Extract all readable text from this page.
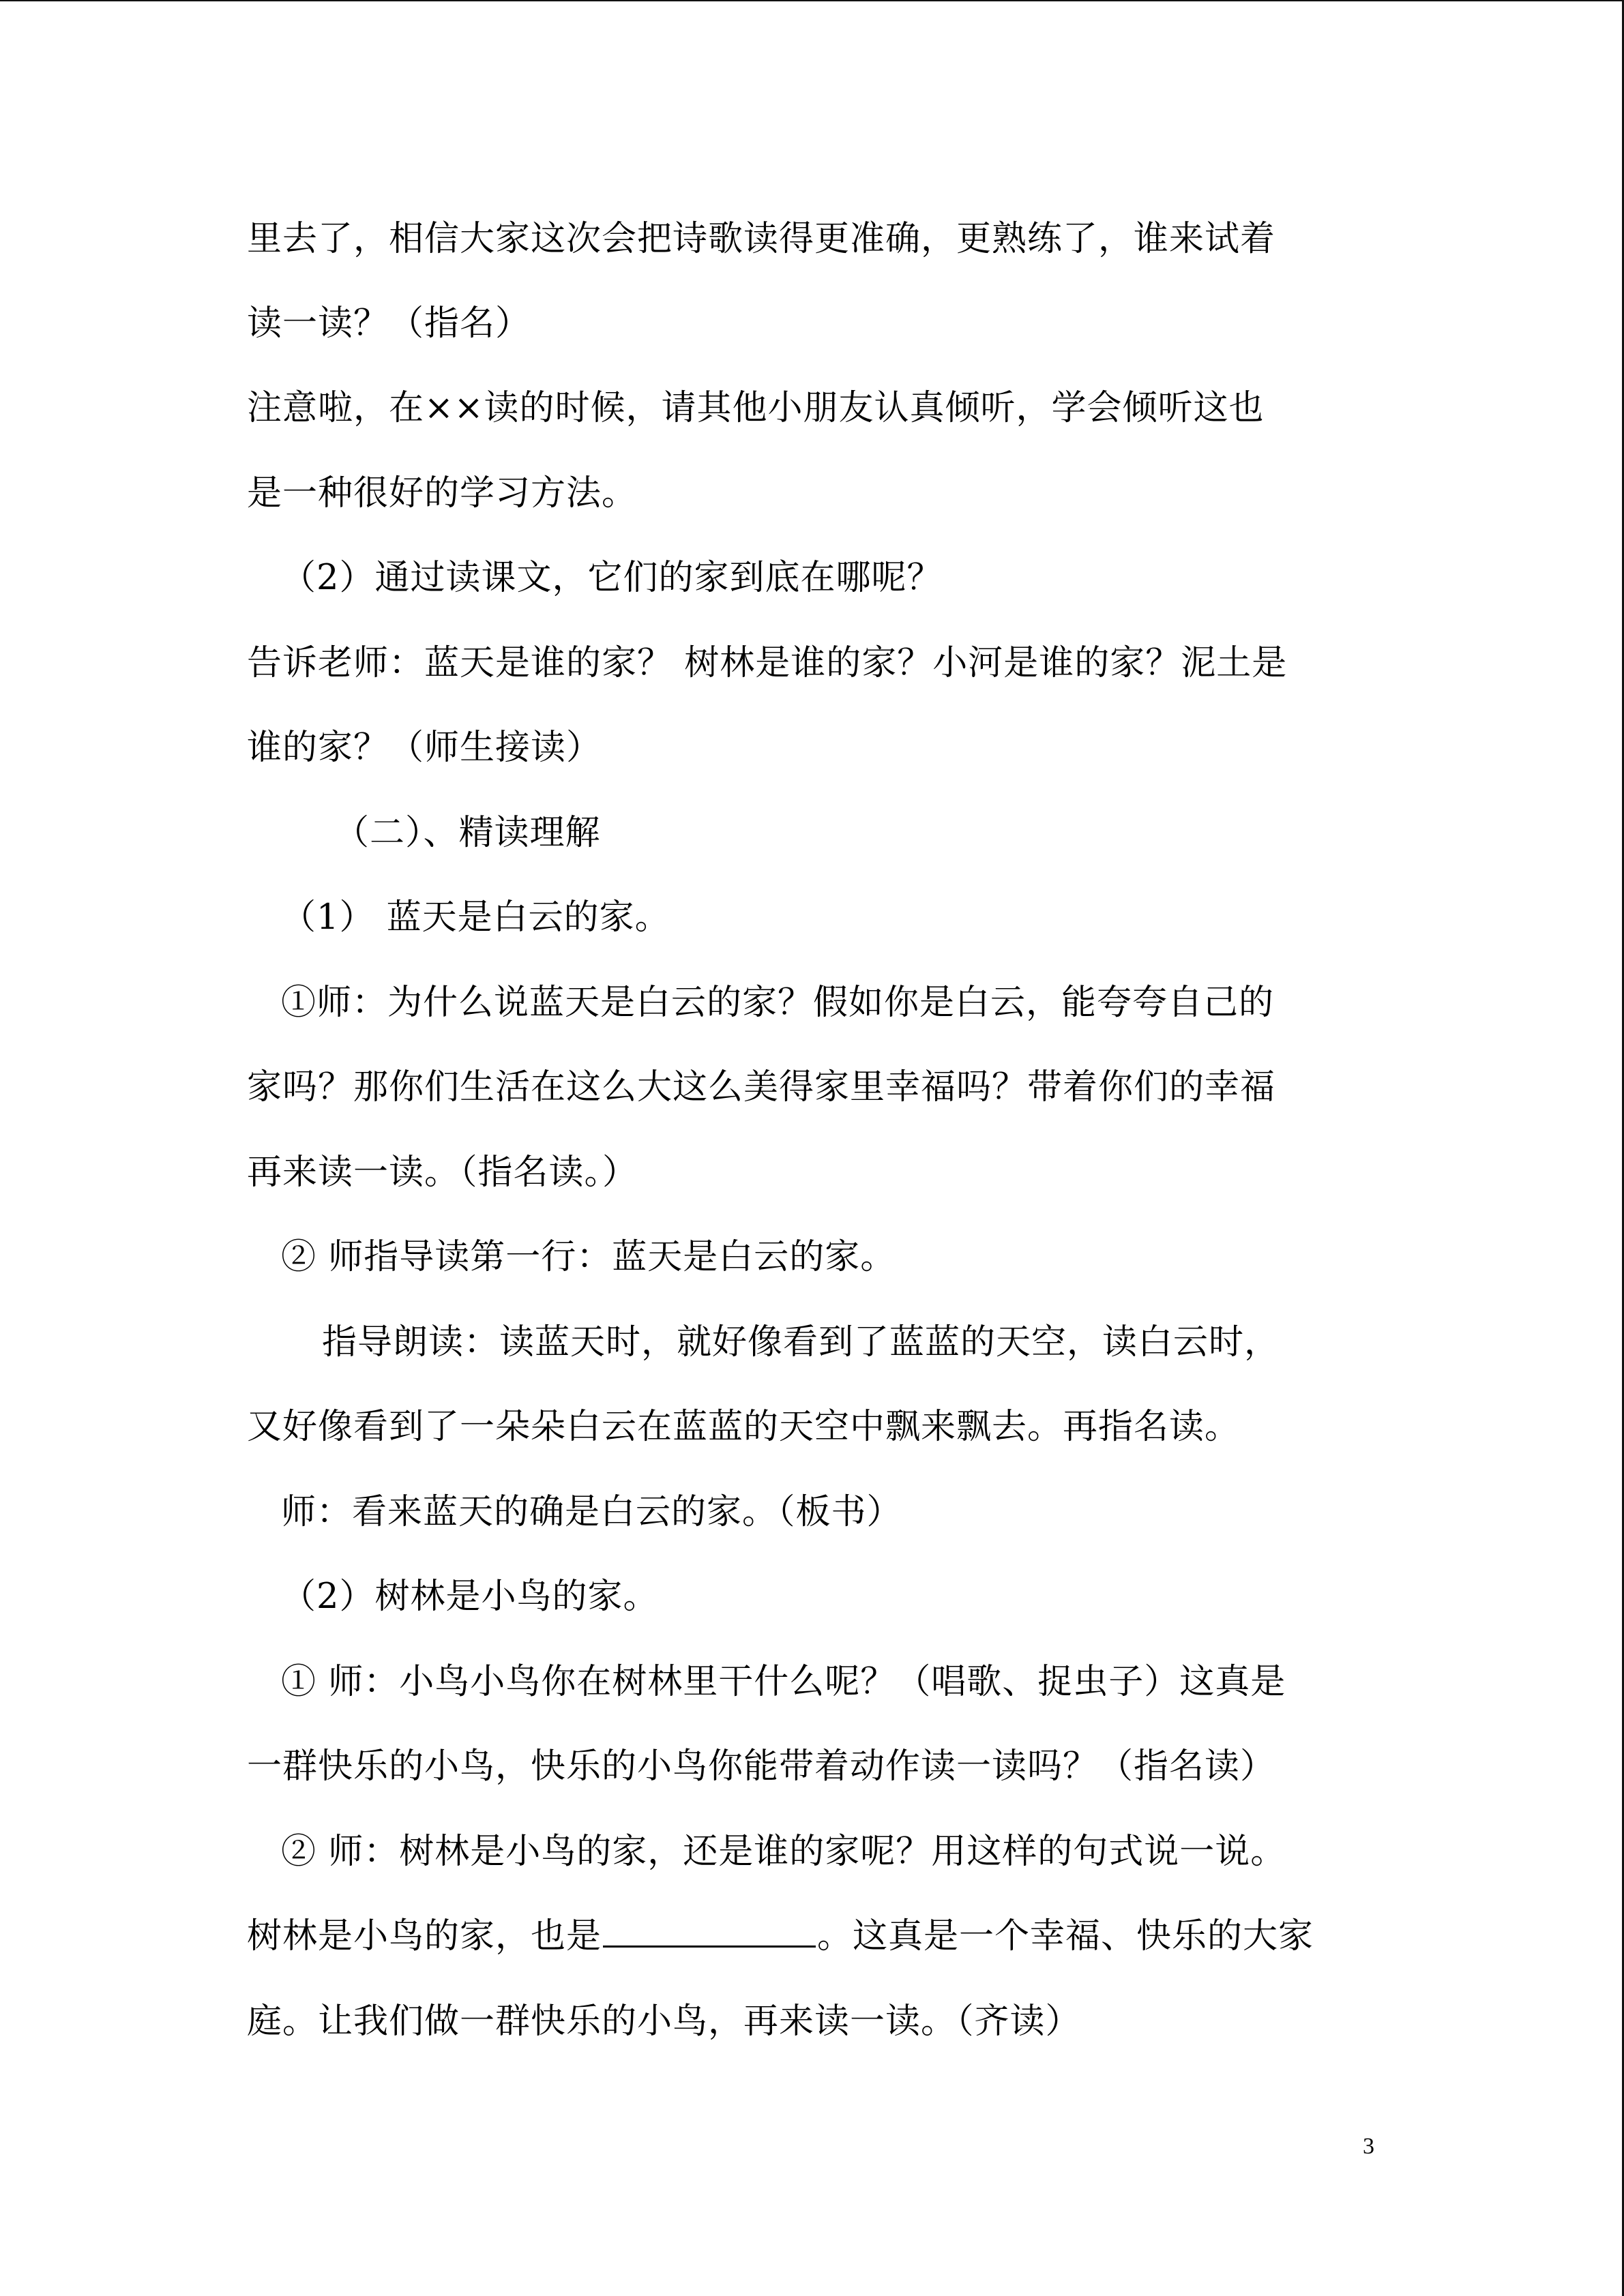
里去了，相信大家这次会把诗歌读得更准确，更熟练了，谁来试着
读一读？（指名）
注意啦，在××读的时候，请其他小朋友认真倾听，学会倾听这也
是一种很好的学习方法。
（2）通过读课文，它们的家到底在哪呢？
告诉老师：蓝天是谁的家？ 树林是谁的家？小河是谁的家？泥土是
谁的家？（师生接读）
（二）、精读理解
（1） 蓝天是白云的家。
①师：为什么说蓝天是白云的家？假如你是白云，能夸夸自己的
家吗？那你们生活在这么大这么美得家里幸福吗？带着你们的幸福
再来读一读。（指名读。）
② 师指导读第一行：蓝天是白云的家。
指导朗读：读蓝天时，就好像看到了蓝蓝的天空，读白云时，
又好像看到了一朵朵白云在蓝蓝的天空中飘来飘去。再指名读。
师：看来蓝天的确是白云的家。（板书）
（2）树林是小鸟的家。
① 师：小鸟小鸟你在树林里干什么呢？（唱歌、捉虫子）这真是
一群快乐的小鸟，快乐的小鸟你能带着动作读一读吗？（指名读）
② 师：树林是小鸟的家，还是谁的家呢？用这样的句式说一说。
树林是小鸟的家，也是	。这真是一个幸福、快乐的大家
庭。让我们做一群快乐的小鸟，再来读一读。（齐读）
3
